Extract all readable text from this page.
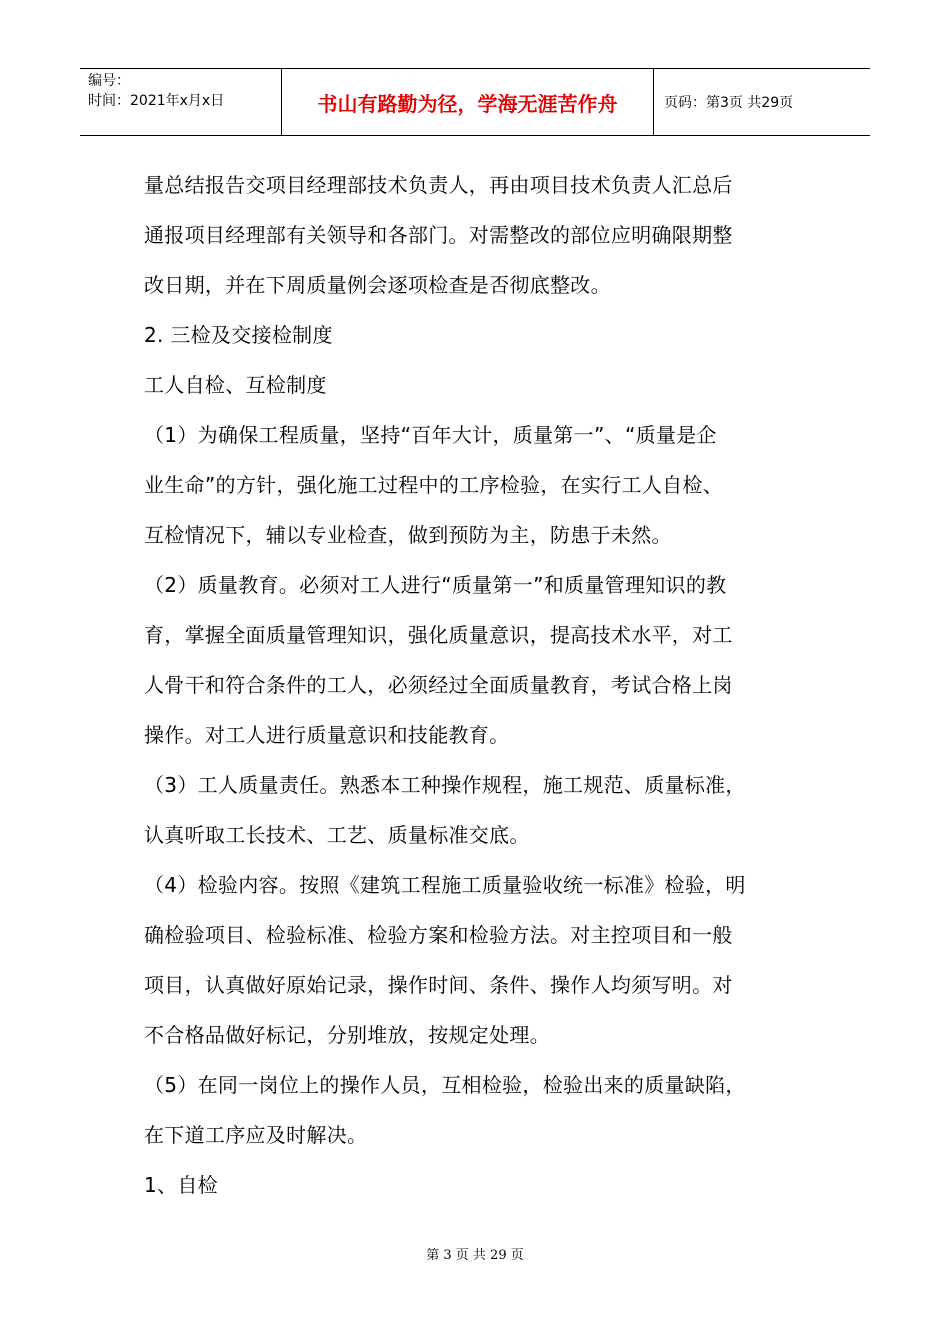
编号：
时间：2021年x月x日	书山有路勤为径，学海无涯苦作舟	页码：第3页 共29页

量总结报告交项目经理部技术负责人，再由项目技术负责人汇总后

通报项目经理部有关领导和各部门。对需整改的部位应明确限期整

改日期，并在下周质量例会逐项检查是否彻底整改。

2. 三检及交接检制度

工人自检、互检制度

（1）为确保工程质量，坚持“百年大计，质量第一”、“质量是企

业生命”的方针，强化施工过程中的工序检验，在实行工人自检、

互检情况下，辅以专业检查，做到预防为主，防患于未然。

（2）质量教育。必须对工人进行“质量第一”和质量管理知识的教

育，掌握全面质量管理知识，强化质量意识，提高技术水平，对工

人骨干和符合条件的工人，必须经过全面质量教育，考试合格上岗

操作。对工人进行质量意识和技能教育。

（3）工人质量责任。熟悉本工种操作规程，施工规范、质量标准，

认真听取工长技术、工艺、质量标准交底。

（4）检验内容。按照《建筑工程施工质量验收统一标准》检验，明

确检验项目、检验标准、检验方案和检验方法。对主控项目和一般

项目，认真做好原始记录，操作时间、条件、操作人均须写明。对

不合格品做好标记，分别堆放，按规定处理。

（5）在同一岗位上的操作人员，互相检验，检验出来的质量缺陷，

在下道工序应及时解决。

1、自检

第 3 页 共 29 页
